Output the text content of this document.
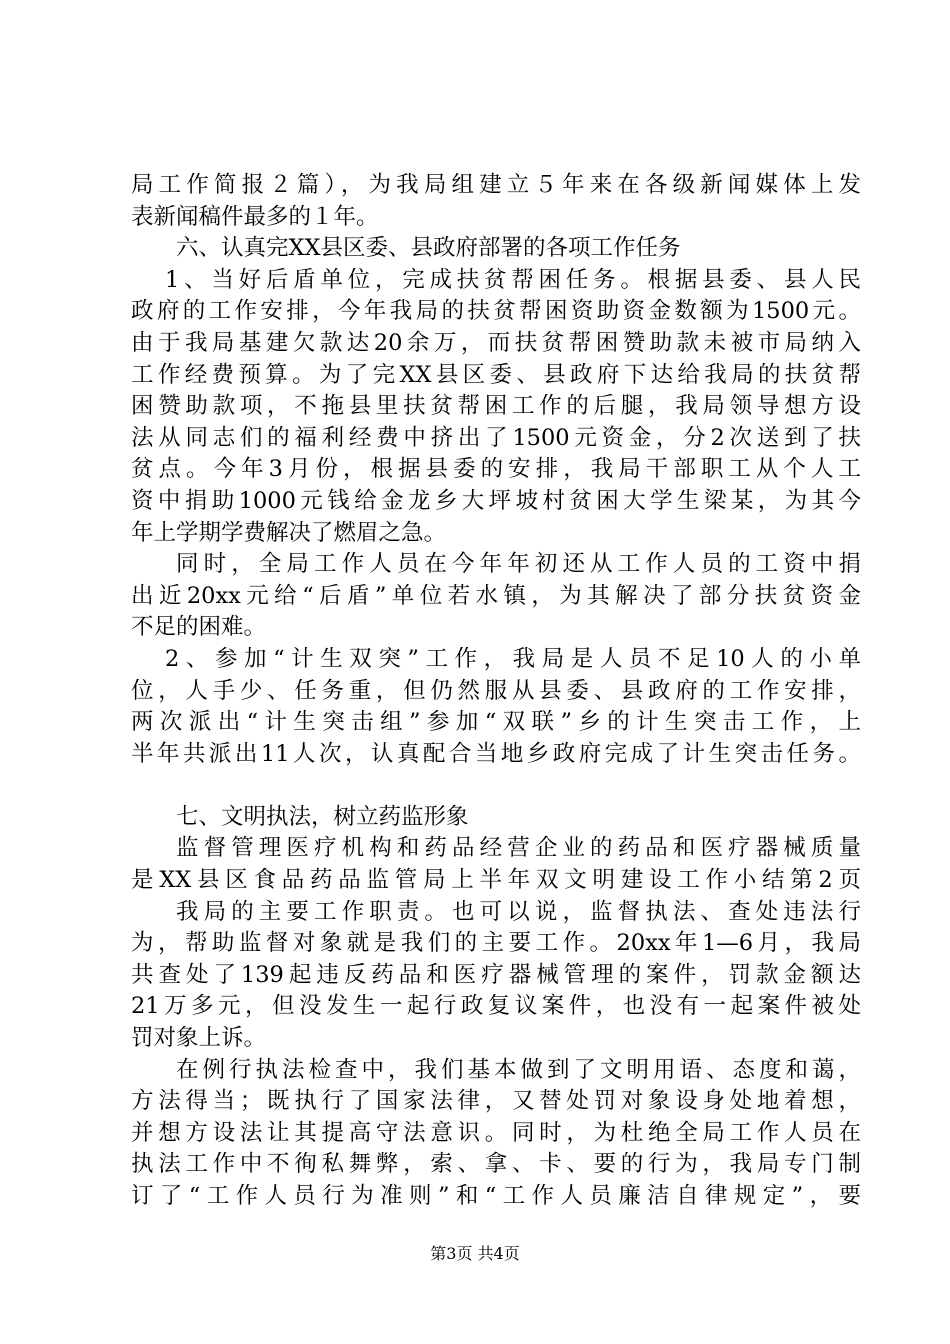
局工作简报２篇），为我局组建立５年来在各级新闻媒体上发
表新闻稿件最多的１年。
六、认真完XX县区委、县政府部署的各项工作任务
1、当好后盾单位，完成扶贫帮困任务。根据县委、县人民
政府的工作安排，今年我局的扶贫帮困资助资金数额为1500元。
由于我局基建欠款达20余万，而扶贫帮困赞助款未被市局纳入
工作经费预算。为了完XX县区委、县政府下达给我局的扶贫帮
困赞助款项，不拖县里扶贫帮困工作的后腿，我局领导想方设
法从同志们的福利经费中挤出了1500元资金，分2次送到了扶
贫点。今年3月份，根据县委的安排，我局干部职工从个人工
资中捐助1000元钱给金龙乡大坪坡村贫困大学生梁某，为其今
年上学期学费解决了燃眉之急。
同时，全局工作人员在今年年初还从工作人员的工资中捐
出近20xx元给“后盾”单位若水镇，为其解决了部分扶贫资金
不足的困难。
2、参加“计生双突”工作，我局是人员不足10人的小单
位，人手少、任务重，但仍然服从县委、县政府的工作安排，
两次派出“计生突击组”参加“双联”乡的计生突击工作，上
半年共派出11人次，认真配合当地乡政府完成了计生突击任务。
七、文明执法，树立药监形象
监督管理医疗机构和药品经营企业的药品和医疗器械质量
是XX县区食品药品监管局上半年双文明建设工作小结第2页
我局的主要工作职责。也可以说，监督执法、查处违法行
为，帮助监督对象就是我们的主要工作。20xx年1—6月，我局
共查处了139起违反药品和医疗器械管理的案件，罚款金额达
21万多元，但没发生一起行政复议案件，也没有一起案件被处
罚对象上诉。
在例行执法检查中，我们基本做到了文明用语、态度和蔼，
方法得当；既执行了国家法律，又替处罚对象设身处地着想，
并想方设法让其提高守法意识。同时，为杜绝全局工作人员在
执法工作中不徇私舞弊，索、拿、卡、要的行为，我局专门制
订了“工作人员行为准则”和“工作人员廉洁自律规定”，要
第3页 共4页
